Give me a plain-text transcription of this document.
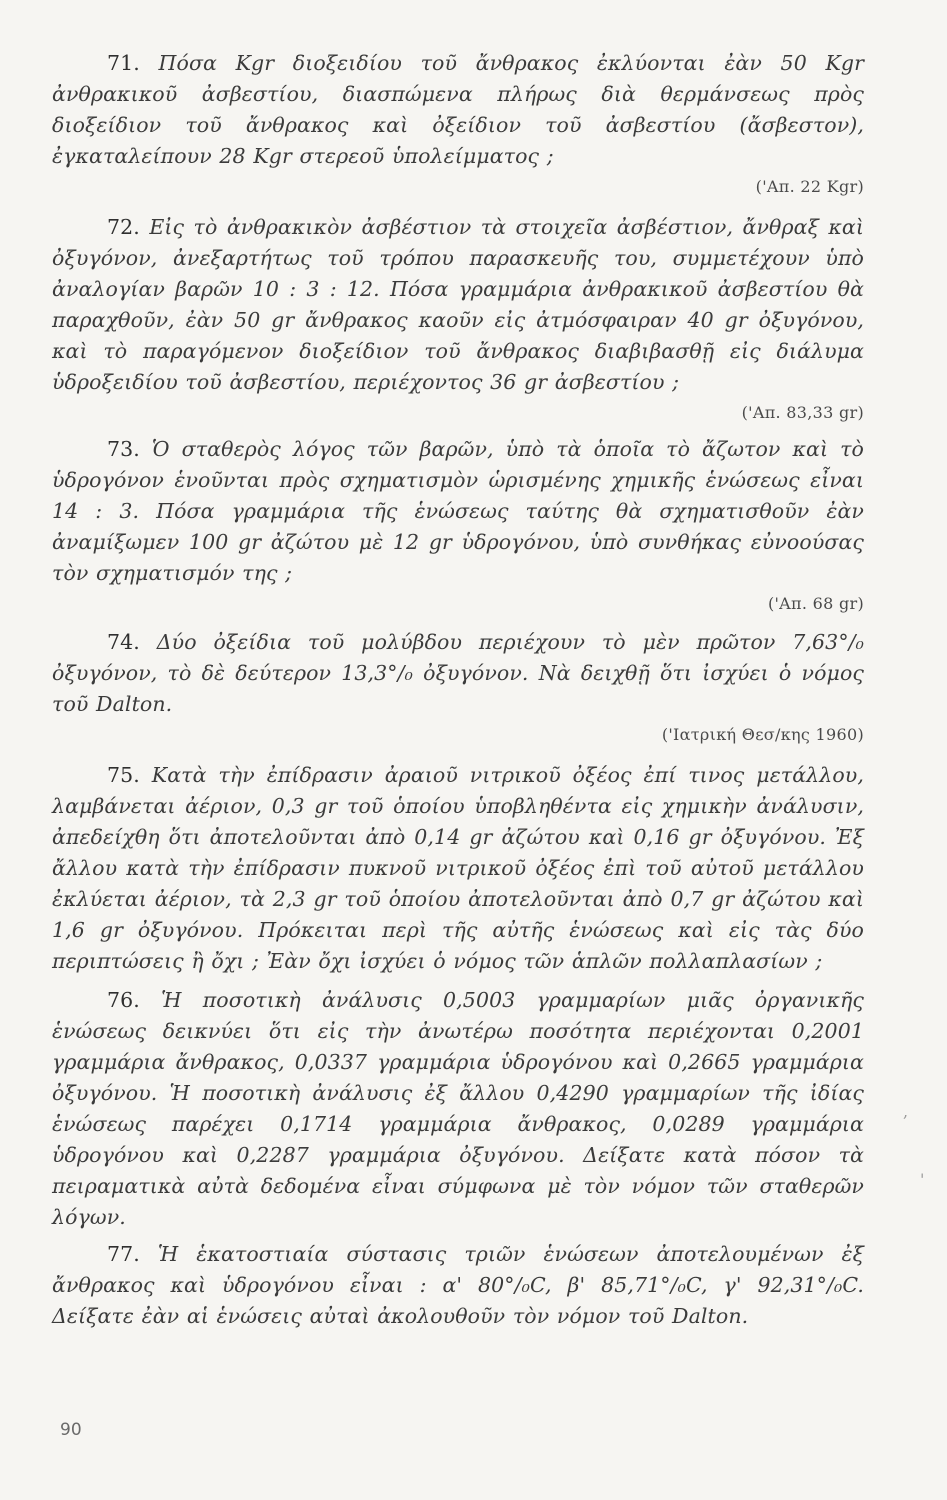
71. Πόσα Kgr διοξειδίου τοῦ ἄνθρακος ἐκλύονται ἐὰν 50 Kgr ἀνθρακικοῦ ἀσβεστίου, διασπώμενα πλήρως διὰ θερμάνσεως πρὸς διοξείδιον τοῦ ἄνθρακος καὶ ὀξείδιον τοῦ ἀσβεστίου (ἄσβεστον), ἐγκαταλείπουν 28 Kgr στερεοῦ ὑπολείμματος ;
('Απ. 22 Kgr)
72. Εἰς τὸ ἀνθρακικὸν ἀσβέστιον τὰ στοιχεῖα ἀσβέστιον, ἄνθραξ καὶ ὀξυγόνον, ἀνεξαρτήτως τοῦ τρόπου παρασκευῆς του, συμμετέχουν ὑπὸ ἀναλογίαν βαρῶν 10 : 3 : 12. Πόσα γραμμάρια ἀνθρακικοῦ ἀσβεστίου θὰ παραχθοῦν, ἐὰν 50 gr ἄνθρακος καοῦν εἰς ἀτμόσφαιραν 40 gr ὀξυγόνου, καὶ τὸ παραγόμενον διοξείδιον τοῦ ἄνθρακος διαβιβασθῇ εἰς διάλυμα ὑδροξειδίου τοῦ ἀσβεστίου, περιέχοντος 36 gr ἀσβεστίου ;
('Απ. 83,33 gr)
73. Ὁ σταθερὸς λόγος τῶν βαρῶν, ὑπὸ τὰ ὁποῖα τὸ ἄζωτον καὶ τὸ ὑδρογόνον ἑνοῦνται πρὸς σχηματισμὸν ὡρισμένης χημικῆς ἑνώσεως εἶναι 14 : 3. Πόσα γραμμάρια τῆς ἑνώσεως ταύτης θὰ σχηματισθοῦν ἐὰν ἀναμίξωμεν 100 gr ἀζώτου μὲ 12 gr ὑδρογόνου, ὑπὸ συνθήκας εὐνοούσας τὸν σχηματισμόν της ;
('Απ. 68 gr)
74. Δύο ὀξείδια τοῦ μολύβδου περιέχουν τὸ μὲν πρῶτον 7,63°/₀ ὀξυγόνον, τὸ δὲ δεύτερον 13,3°/₀ ὀξυγόνον. Νὰ δειχθῇ ὅτι ἰσχύει ὁ νόμος τοῦ Dalton.
('Ιατρική Θεσ/κης 1960)
75. Κατὰ τὴν ἐπίδρασιν ἀραιοῦ νιτρικοῦ ὀξέος ἐπί τινος μετάλλου, λαμβάνεται ἀέριον, 0,3 gr τοῦ ὁποίου ὑποβληθέντα εἰς χημικὴν ἀνάλυσιν, ἀπεδείχθη ὅτι ἀποτελοῦνται ἀπὸ 0,14 gr ἀζώτου καὶ 0,16 gr ὀξυγόνου. Ἐξ ἄλλου κατὰ τὴν ἐπίδρασιν πυκνοῦ νιτρικοῦ ὀξέος ἐπὶ τοῦ αὐτοῦ μετάλλου ἐκλύεται ἀέριον, τὰ 2,3 gr τοῦ ὁποίου ἀποτελοῦνται ἀπὸ 0,7 gr ἀζώτου καὶ 1,6 gr ὀξυγόνου. Πρόκειται περὶ τῆς αὐτῆς ἑνώσεως καὶ εἰς τὰς δύο περιπτώσεις ἢ ὄχι ; Ἐὰν ὄχι ἰσχύει ὁ νόμος τῶν ἁπλῶν πολλαπλασίων ;
76. Ἡ ποσοτικὴ ἀνάλυσις 0,5003 γραμμαρίων μιᾶς ὀργανικῆς ἑνώσεως δεικνύει ὅτι εἰς τὴν ἀνωτέρω ποσότητα περιέχονται 0,2001 γραμμάρια ἄνθρακος, 0,0337 γραμμάρια ὑδρογόνου καὶ 0,2665 γραμμάρια ὀξυγόνου. Ἡ ποσοτικὴ ἀνάλυσις ἐξ ἄλλου 0,4290 γραμμαρίων τῆς ἰδίας ἑνώσεως παρέχει 0,1714 γραμμάρια ἄνθρακος, 0,0289 γραμμάρια ὑδρογόνου καὶ 0,2287 γραμμάρια ὀξυγόνου. Δείξατε κατὰ πόσον τὰ πειραματικὰ αὐτὰ δεδομένα εἶναι σύμφωνα μὲ τὸν νόμον τῶν σταθερῶν λόγων.
77. Ἡ ἑκατοστιαία σύστασις τριῶν ἑνώσεων ἀποτελουμένων ἐξ ἄνθρακος καὶ ὑδρογόνου εἶναι : α' 80°/₀C, β' 85,71°/₀C, γ' 92,31°/₀C. Δείξατε ἐὰν αἱ ἑνώσεις αὐταὶ ἀκολουθοῦν τὸν νόμον τοῦ Dalton.
,
'
90
